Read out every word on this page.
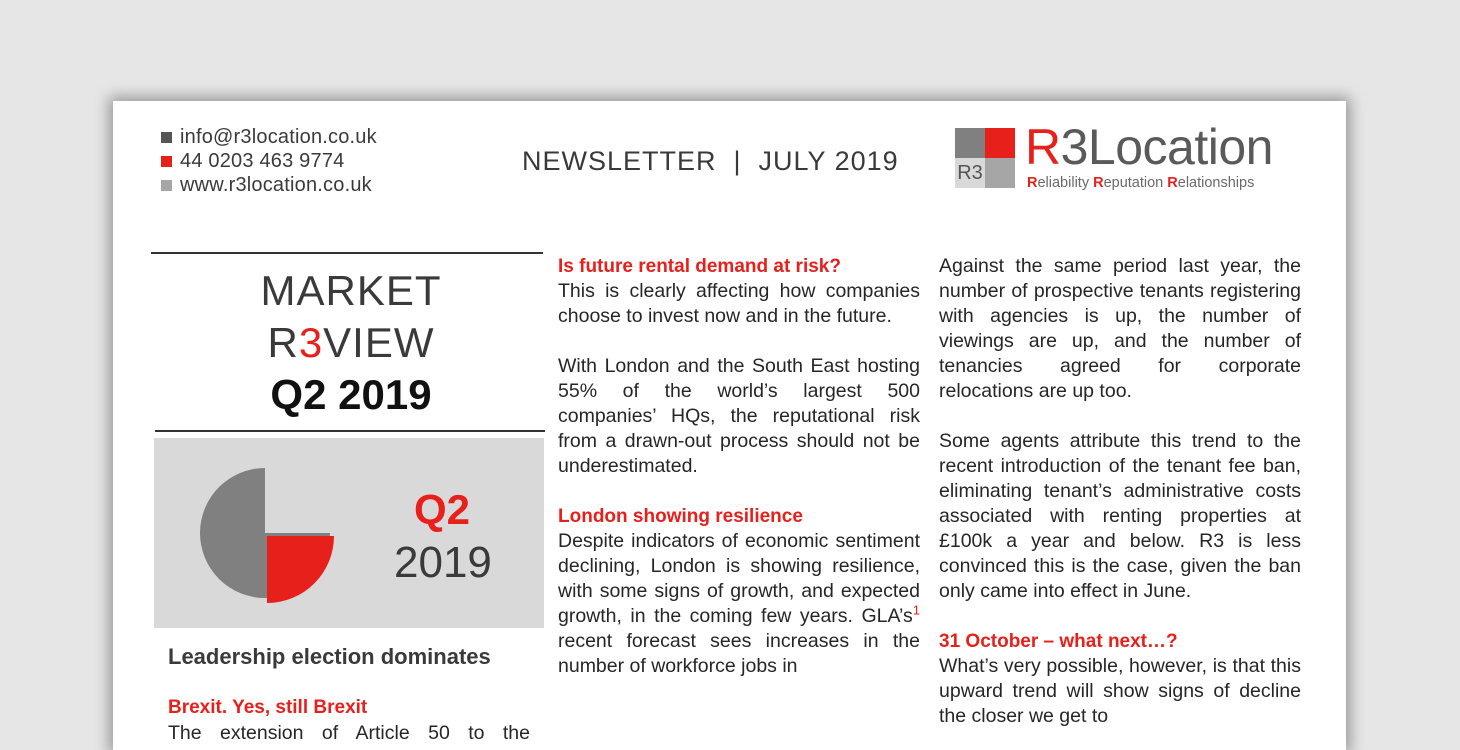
info@r3location.co.uk
44 0203 463 9774
www.r3location.co.uk
NEWSLETTER  |  JULY 2019	R3 R3Location
Reliability Reputation Relationships
MARKET
R3VIEW
Q2 2019
Q2
2019
Leadership election dominates
Brexit. Yes, still Brexit
The extension of Article 50 to the
Is future rental demand at risk?

This is clearly affecting how companies choose to invest now and in the future.

With London and the South East hosting 55% of the world’s largest 500 companies’ HQs, the reputational risk from a drawn-out process should not be underestimated.

London showing resilience

Despite indicators of economic sentiment declining, London is showing resilience, with some signs of growth, and expected growth, in the coming few years. $GLA’s^1$ recent forecast sees increases in the number of workforce jobs in

Against the same period last year, the number of prospective tenants registering with agencies is up, the number of viewings are up, and the number of tenancies agreed for corporate relocations are up too.

Some agents attribute this trend to the recent introduction of the tenant fee ban, eliminating tenant’s administrative costs associated with renting properties at £100k a year and below. R3 is less convinced this is the case, given the ban only came into effect in June.

31 October – what next…?

What’s very possible, however, is that this upward trend will show signs of decline the closer we get to
